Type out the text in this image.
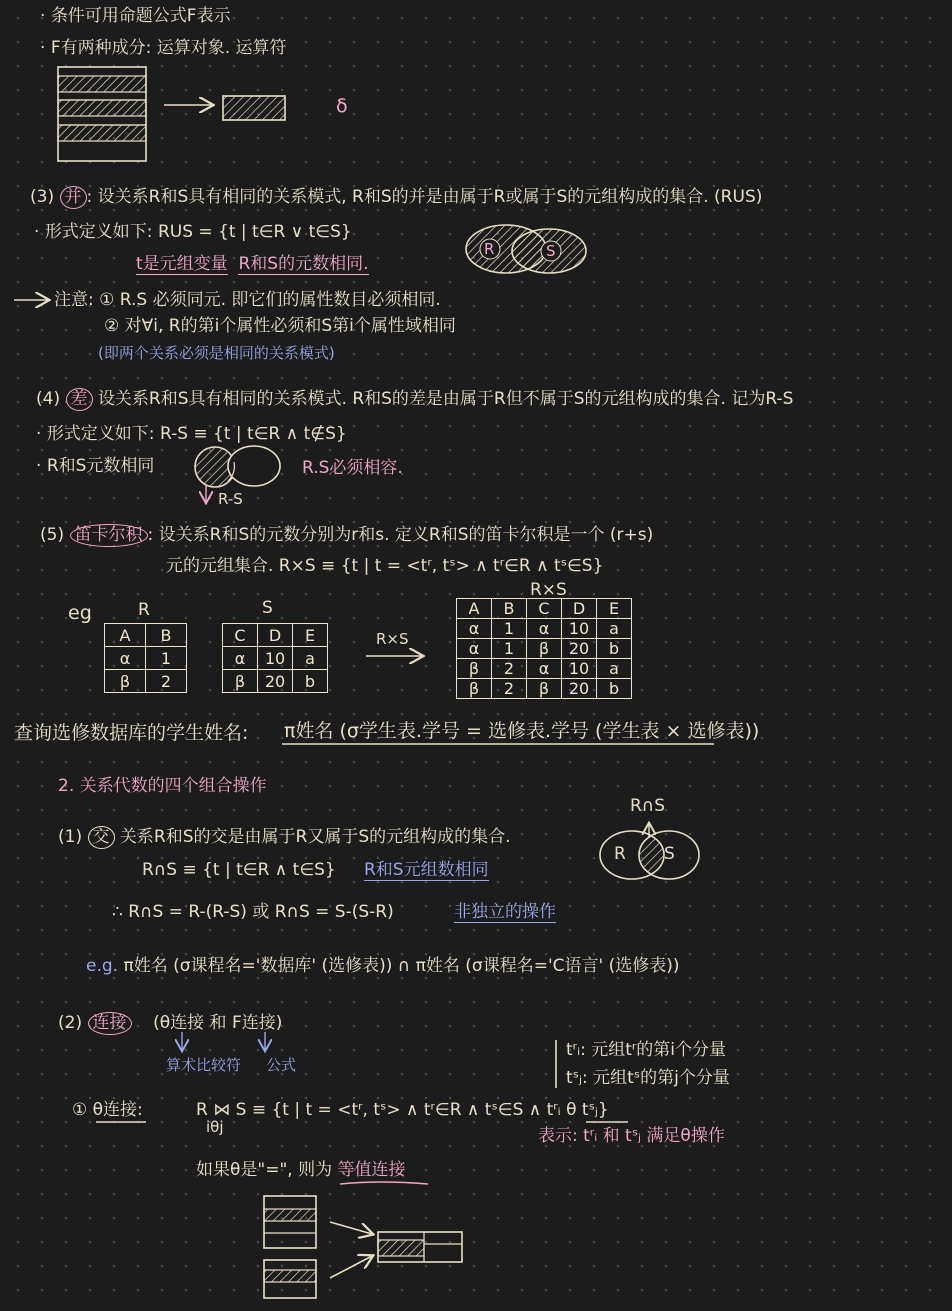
· 条件可用命题公式F表示
· F有两种成分: 运算对象. 运算符
δ
(3) 并 : 设关系R和S具有相同的关系模式, R和S的并是由属于R或属于S的元组构成的集合. (RUS)
· 形式定义如下: RUS = {t | t∈R ∨ t∈S}
t是元组变量 R和S的元数相同.
R	S
注意: ① R.S 必须同元. 即它们的属性数目必须相同.
② 对∀i, R的第i个属性必须和S第i个属性域相同
(即两个关系必须是相同的关系模式)
(4) 差 设关系R和S具有相同的关系模式. R和S的差是由属于R但不属于S的元组构成的集合. 记为R-S
· 形式定义如下: R-S ≡ {t | t∈R ∧ t∉S}
· R和S元数相同	R.S必须相容.
R-S
(5) 笛卡尔积 : 设关系R和S的元数分别为r和s. 定义R和S的笛卡尔积是一个 (r+s)
元的元组集合. R×S ≡ {t | t = <tʳ, tˢ> ∧ tʳ∈R ∧ tˢ∈S}
eg	R	S
R×S
R×S
A	B
α	1
β	2
C	D	E
α	10	a
β	20	b
A	B	C	D	E
α	1	α	10	a
α	1	β	20	b
β	2	α	10	a
β	2	β	20	b
查询选修数据库的学生姓名: π姓名 (σ学生表.学号 = 选修表.学号 (学生表 × 选修表))
2. 关系代数的四个组合操作
(1) 交 关系R和S的交是由属于R又属于S的元组构成的集合.
R∩S ≡ {t | t∈R ∧ t∈S} R和S元组数相同
∴ R∩S = R-(R-S) 或 R∩S = S-(S-R)	非独立的操作
R∩S
R S
e.g. π姓名 (σ课程名='数据库' (选修表)) ∩ π姓名 (σ课程名='C语言' (选修表))
(2) 连接 (θ连接 和 F连接)
算术比较符 公式
tʳᵢ: 元组tʳ的第i个分量
tˢⱼ: 元组tˢ的第j个分量
① θ连接:	R ⋈ S ≡ {t | t = <tʳ, tˢ> ∧ tʳ∈R ∧ tˢ∈S ∧ tʳᵢ θ tˢⱼ}
iθj	表示: tʳᵢ 和 tˢⱼ 满足θ操作
如果θ是"=", 则为 等值连接
